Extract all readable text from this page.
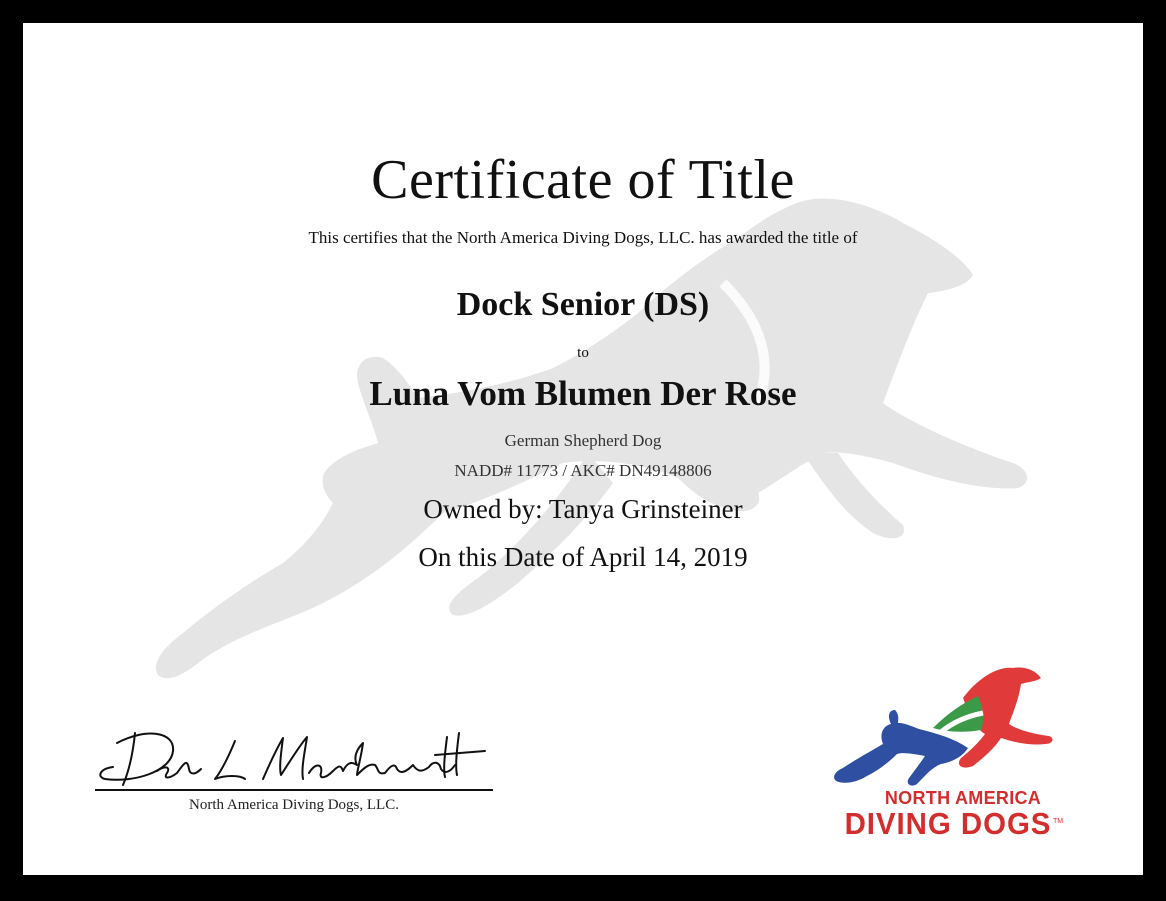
Certificate of Title
This certifies that the North America Diving Dogs, LLC. has awarded the title of
Dock Senior (DS)
to
Luna Vom Blumen Der Rose
German Shepherd Dog
NADD# 11773 / AKC# DN49148806
Owned by: Tanya Grinsteiner
On this Date of April 14, 2019
North America Diving Dogs, LLC.	NORTH AMERICA
DIVING DOGS TM
